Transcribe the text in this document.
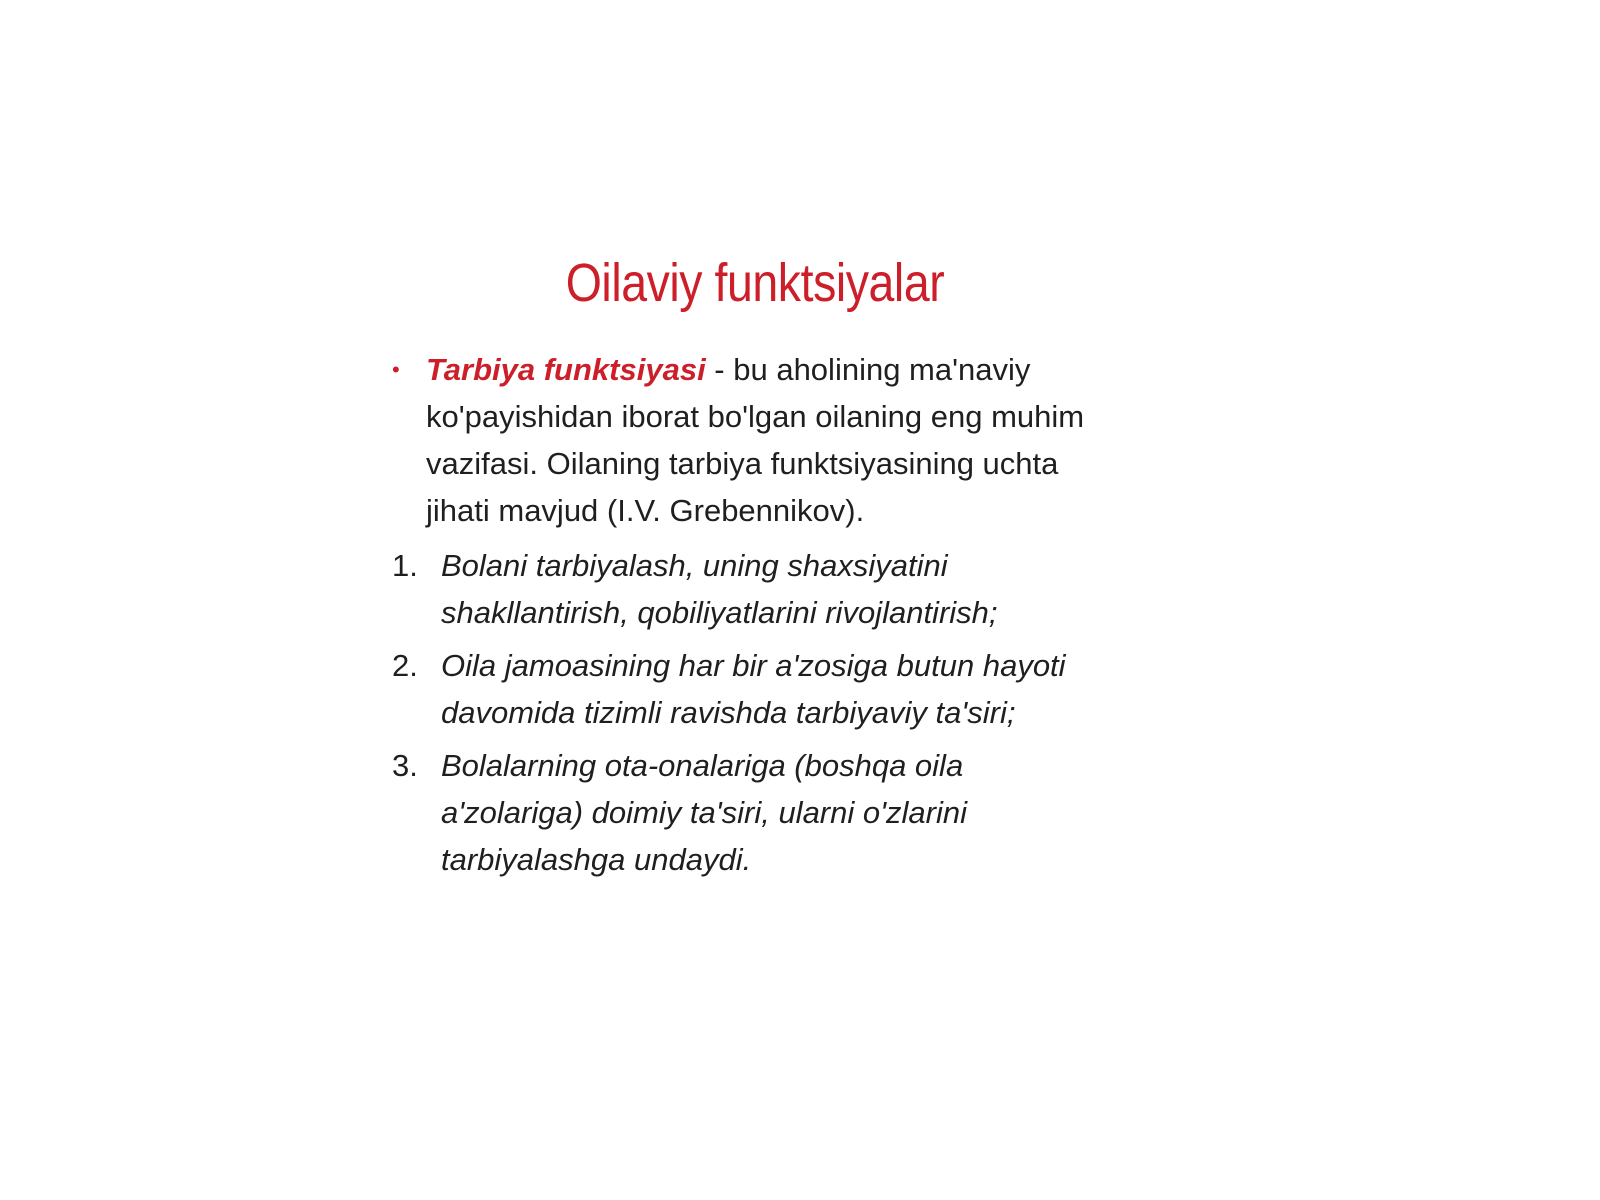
Oilaviy funktsiyalar
• Tarbiya funktsiyasi - bu aholining ma'naviy ko'payishidan iborat bo'lgan oilaning eng muhim vazifasi. Oilaning tarbiya funktsiyasining uchta jihati mavjud (I.V. Grebennikov).
1. Bolani tarbiyalash, uning shaxsiyatini shakllantirish, qobiliyatlarini rivojlantirish;
2. Oila jamoasining har bir a'zosiga butun hayoti davomida tizimli ravishda tarbiyaviy ta'siri;
3. Bolalarning ota-onalariga (boshqa oila a'zolariga) doimiy ta'siri, ularni o'zlarini tarbiyalashga undaydi.
